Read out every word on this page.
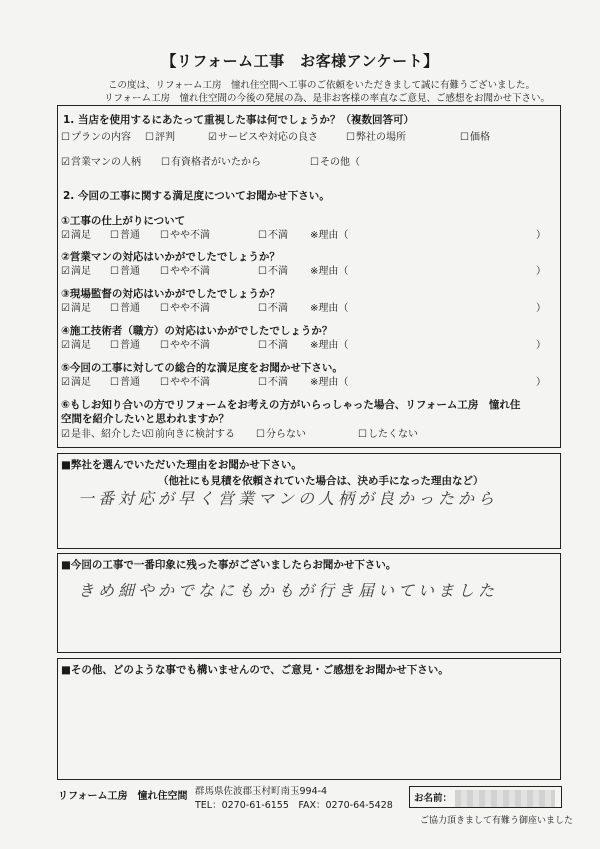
【リフォーム工事　お客様アンケート】
この度は、リフォーム工房　憧れ住空間へ工事のご依頼をいただきまして誠に有難うございました。
リフォーム工房　憧れ住空間の今後の発展の為、是非お客様の率直なご意見、ご感想をお聞かせ下さい。
1. 当店を使用するにあたって重視した事は何でしょうか？（複数回答可）
☐ プランの内容	☐ 評判	☑ サービスや対応の良さ	☐ 弊社の場所	☐ 価格
☑ 営業マンの人柄	☐ 有資格者がいたから	☐ その他（
2. 今回の工事に関する満足度についてお聞かせ下さい。
①工事の仕上がりについて
☑ 満足	☐ 普通	☐ やや不満	☐ 不満 ※理由（	）
②営業マンの対応はいかがでしたでしょうか？
☑ 満足	☐ 普通	☐ やや不満	☐ 不満 ※理由（	）
③現場監督の対応はいかがでしたでしょうか？
☑ 満足	☐ 普通	☐ やや不満	☐ 不満 ※理由（	）
④施工技術者（職方）の対応はいかがでしたでしょうか？
☑ 満足	☐ 普通	☐ やや不満	☐ 不満 ※理由（	）
⑤今回の工事に対しての総合的な満足度をお聞かせ下さい。
☑ 満足	☐ 普通	☐ やや不満	☐ 不満 ※理由（	）
⑥もしお知り合いの方でリフォームをお考えの方がいらっしゃった場合、リフォーム工房　憧れ住
空間を紹介したいと思われますか？
☑ 是非、紹介したい ☐ 前向きに検討する	☐ 分らない	☐ したくない
■弊社を選んでいただいた理由をお聞かせ下さい。
（他社にも見積を依頼されていた場合は、決め手になった理由など）
一番対応が早く営業マンの人柄が良かったから
■今回の工事で一番印象に残った事がございましたらお聞かせ下さい。
きめ細やかでなにもかもが行き届いていました
■その他、どのような事でも構いませんので、ご意見・ご感想をお聞かせ下さい。
リフォーム工房　憧れ住空間 群馬県佐波郡玉村町南玉994-4
TEL：0270-61-6155　FAX：0270-64-5428
お名前：
ご協力頂きまして有難う御座いました
